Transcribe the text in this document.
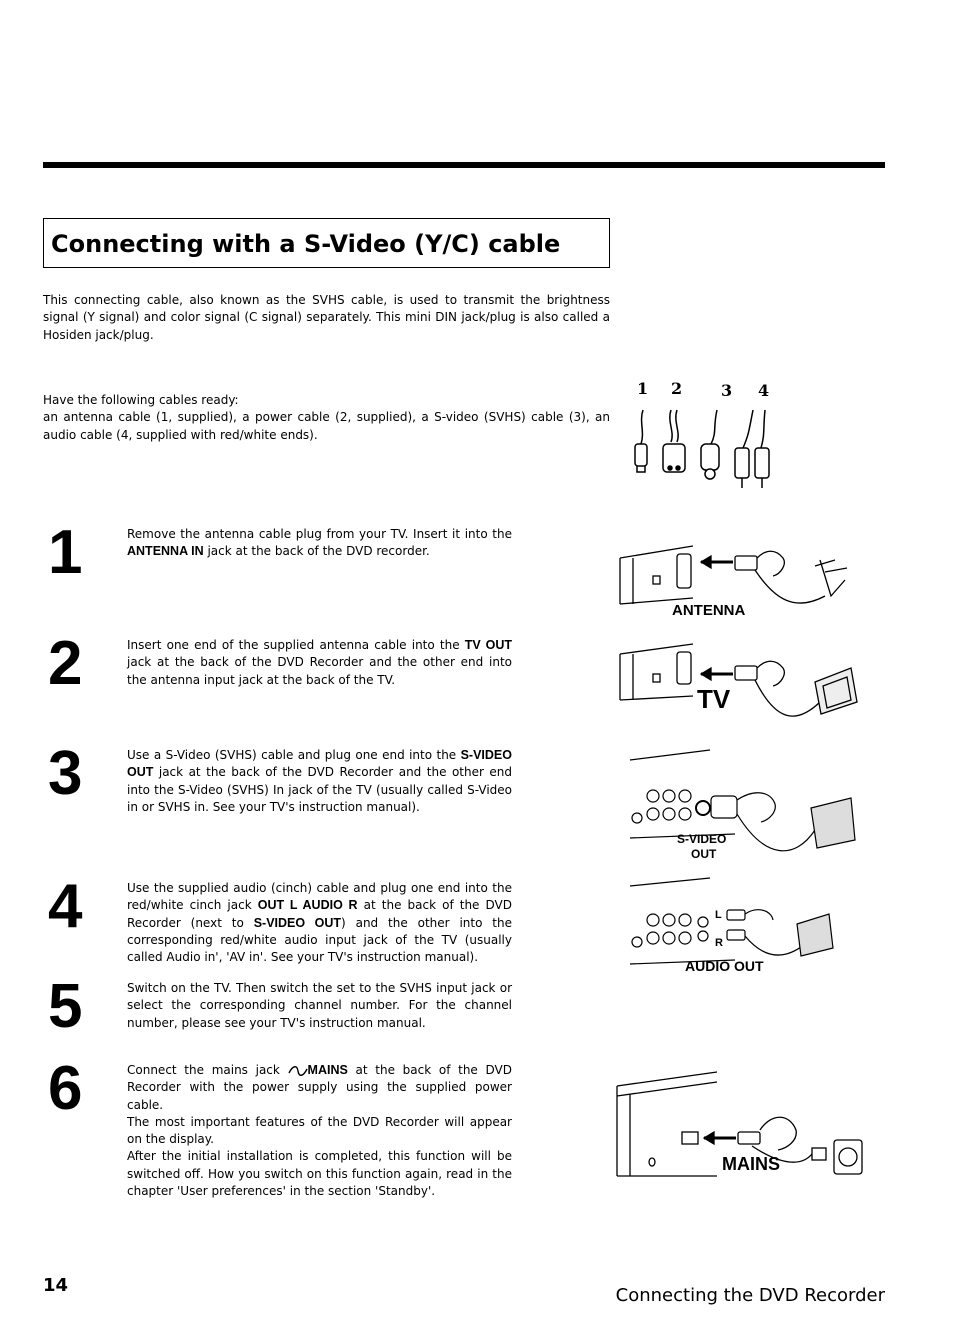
Connecting with a S-Video (Y/C) cable
This connecting cable, also known as the SVHS cable, is used to transmit the brightness signal (Y signal) and color signal (C signal) separately. This mini DIN jack/plug is also called a Hosiden jack/plug.
Have the following cables ready:
an antenna cable (1, supplied), a power cable (2, supplied), a S-video (SVHS) cable (3), an audio cable (4, supplied with red/white ends).
1 2 3 4
1	Remove the antenna cable plug from your TV. Insert it into the ANTENNA IN jack at the back of the DVD recorder.
2	Insert one end of the supplied antenna cable into the TV OUT jack at the back of the DVD Recorder and the other end into the antenna input jack at the back of the TV.
3	Use a S-Video (SVHS) cable and plug one end into the S-VIDEO OUT jack at the back of the DVD Recorder and the other end into the S-Video (SVHS) In jack of the TV (usually called S-Video in or SVHS in. See your TV's instruction manual).
4	Use the supplied audio (cinch) cable and plug one end into the red/white cinch jack OUT L AUDIO R at the back of the DVD Recorder (next to S-VIDEO OUT) and the other into the corresponding red/white audio input jack of the TV (usually called Audio in', 'AV in'. See your TV's instruction manual).
5	Switch on the TV. Then switch the set to the SVHS input jack or select the corresponding channel number. For the channel number, please see your TV's instruction manual.
6	Connect the mains jack MAINS at the back of the DVD Recorder with the power supply using the supplied power cable.
The most important features of the DVD Recorder will appear on the display.
After the initial installation is completed, this function will be switched off. How you switch on this function again, read in the chapter 'User preferences' in the section 'Standby'.
ANTENNA
TV
S-VIDEO
OUT
L
R
AUDIO OUT
MAINS
14	Connecting the DVD Recorder
